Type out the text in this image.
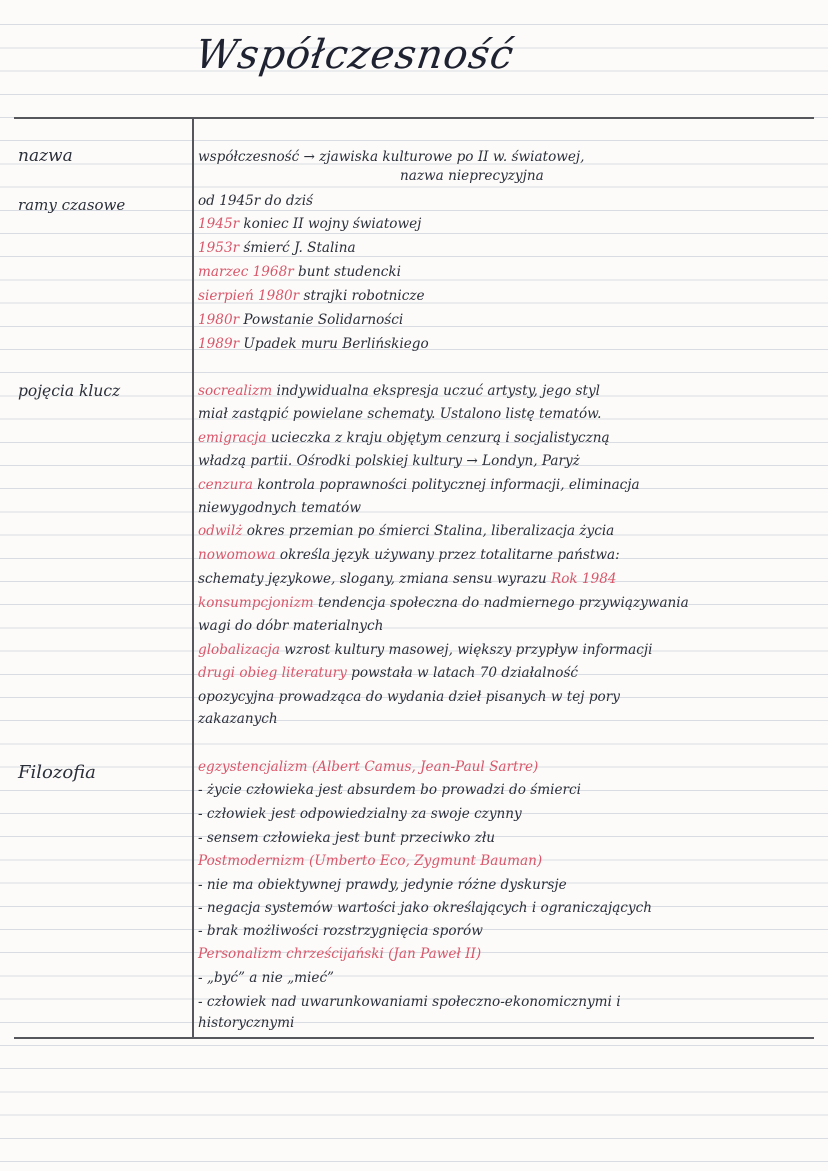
Współczesność
nazwa
ramy czasowe
pojęcia klucz
Filozofia
współczesność → zjawiska kulturowe po II w. światowej,
nazwa nieprecyzyjna
od 1945r do dziś
1945r koniec II wojny światowej
1953r śmierć J. Stalina
marzec 1968r bunt studencki
sierpień 1980r strajki robotnicze
1980r Powstanie Solidarności
1989r Upadek muru Berlińskiego
socrealizm indywidualna ekspresja uczuć artysty, jego styl
miał zastąpić powielane schematy. Ustalono listę tematów.
emigracja ucieczka z kraju objętym cenzurą i socjalistyczną
władzą partii. Ośrodki polskiej kultury → Londyn, Paryż
cenzura kontrola poprawności politycznej informacji, eliminacja
niewygodnych tematów
odwilż okres przemian po śmierci Stalina, liberalizacja życia
nowomowa określa język używany przez totalitarne państwa:
schematy językowe, slogany, zmiana sensu wyrazu Rok 1984
konsumpcjonizm tendencja społeczna do nadmiernego przywiązywania
wagi do dóbr materialnych
globalizacja wzrost kultury masowej, większy przypływ informacji
drugi obieg literatury powstała w latach 70 działalność
opozycyjna prowadząca do wydania dzieł pisanych w tej pory
zakazanych
egzystencjalizm (Albert Camus, Jean-Paul Sartre)
- życie człowieka jest absurdem bo prowadzi do śmierci
- człowiek jest odpowiedzialny za swoje czynny
- sensem człowieka jest bunt przeciwko złu
Postmodernizm (Umberto Eco, Zygmunt Bauman)
- nie ma obiektywnej prawdy, jedynie różne dyskursje
- negacja systemów wartości jako określających i ograniczających
- brak możliwości rozstrzygnięcia sporów
Personalizm chrześcijański (Jan Paweł II)
- „być” a nie „mieć”
- człowiek nad uwarunkowaniami społeczno-ekonomicznymi i
historycznymi
